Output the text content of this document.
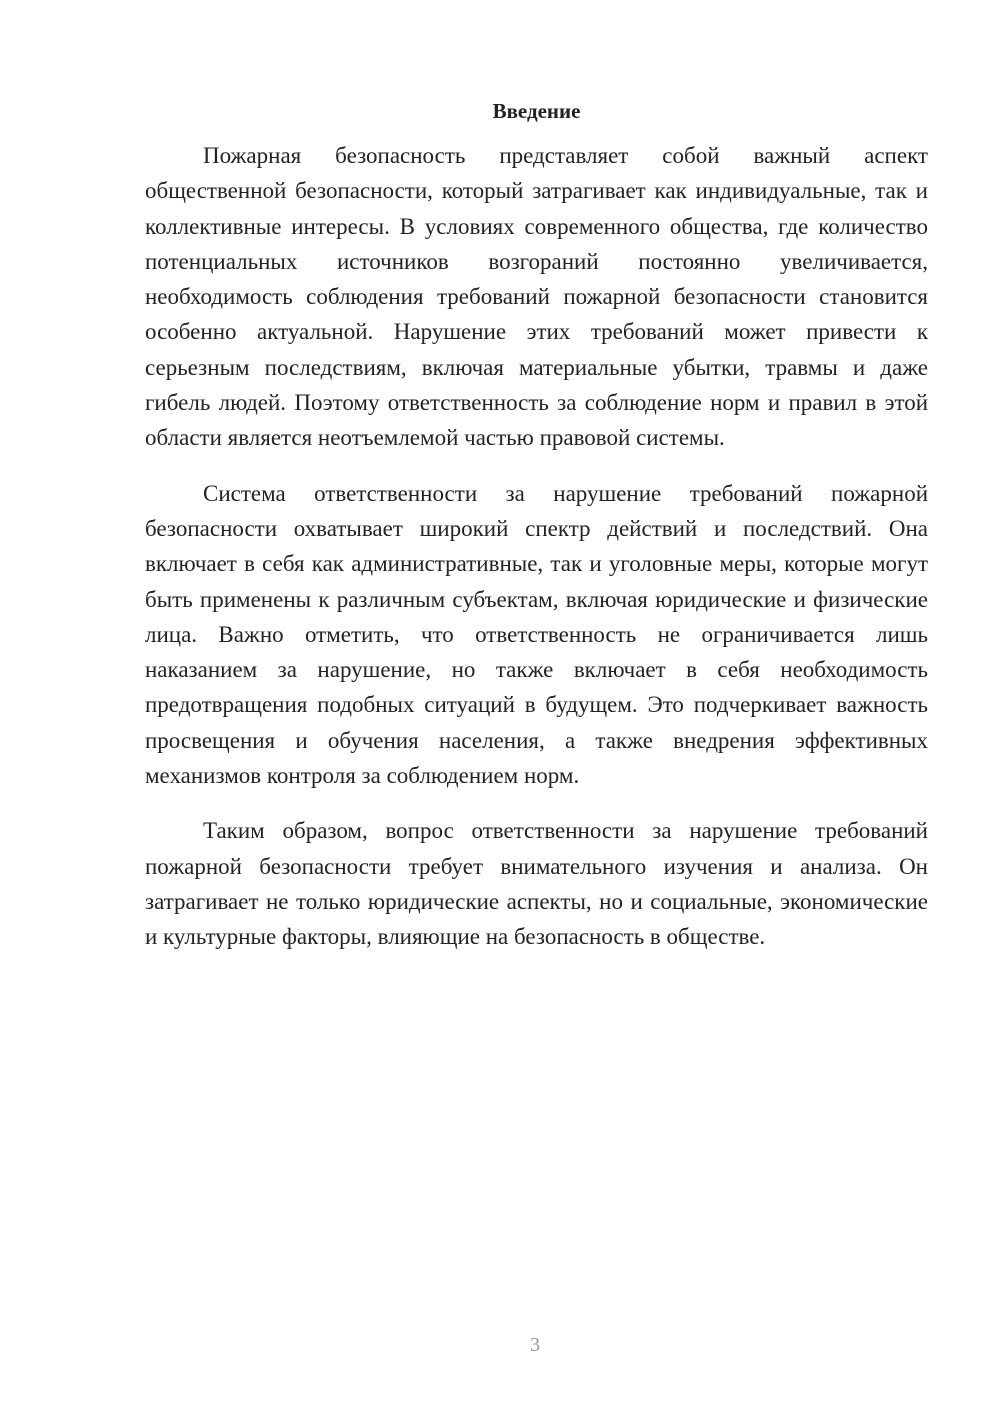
Введение

Пожарная безопасность представляет собой важный аспект общественной безопасности, который затрагивает как индивидуальные, так и коллективные интересы. В условиях современного общества, где количество потенциальных источников возгораний постоянно увеличивается, необходимость соблюдения требований пожарной безопасности становится особенно актуальной. Нарушение этих требований может привести к серьезным последствиям, включая материальные убытки, травмы и даже гибель людей. Поэтому ответственность за соблюдение норм и правил в этой области является неотъемлемой частью правовой системы.

Система ответственности за нарушение требований пожарной безопасности охватывает широкий спектр действий и последствий. Она включает в себя как административные, так и уголовные меры, которые могут быть применены к различным субъектам, включая юридические и физические лица. Важно отметить, что ответственность не ограничивается лишь наказанием за нарушение, но также включает в себя необходимость предотвращения подобных ситуаций в будущем. Это подчеркивает важность просвещения и обучения населения, а также внедрения эффективных механизмов контроля за соблюдением норм.

Таким образом, вопрос ответственности за нарушение требований пожарной безопасности требует внимательного изучения и анализа. Он затрагивает не только юридические аспекты, но и социальные, экономические и культурные факторы, влияющие на безопасность в обществе.

3
